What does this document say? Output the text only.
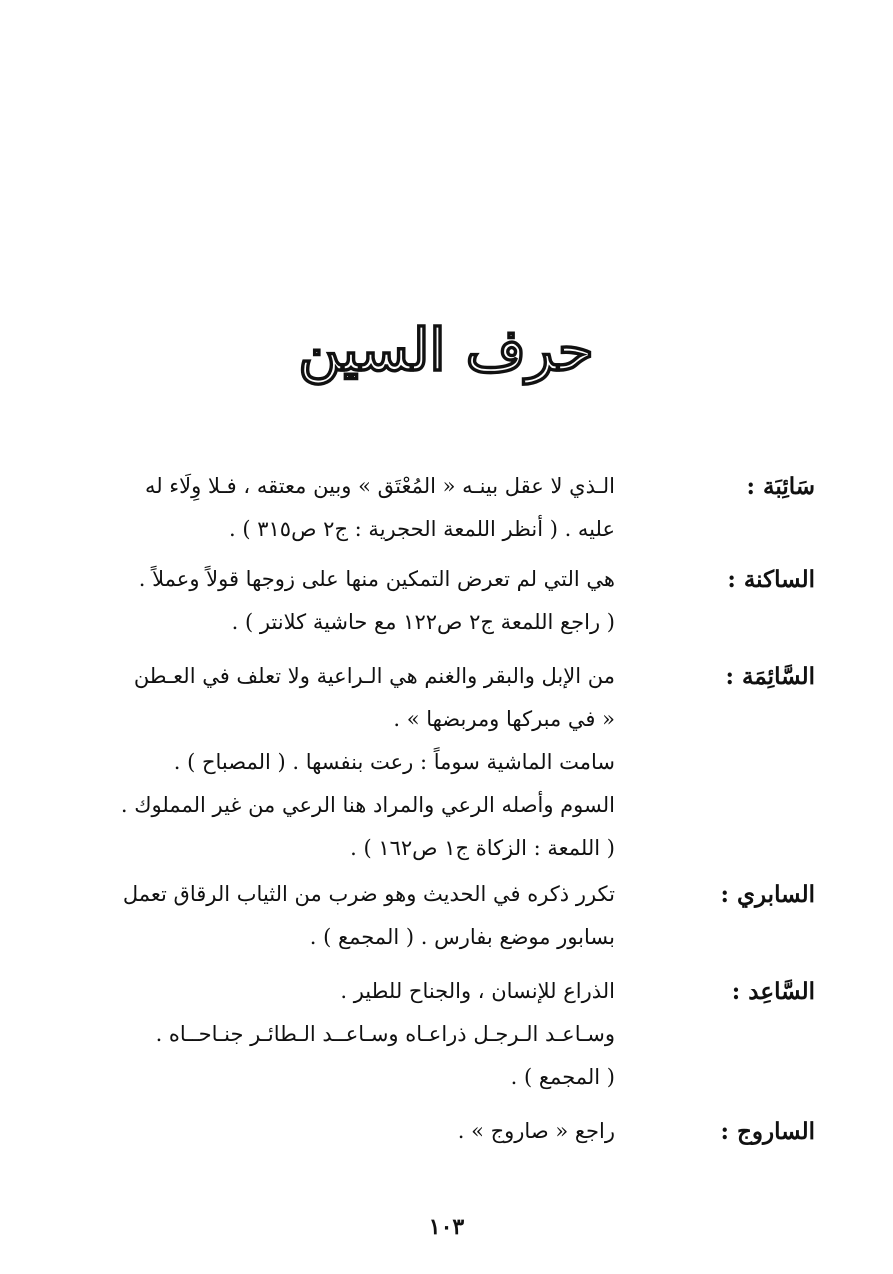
حرف السين
سَائِبَة :
الـذي لا عقل بينـه « المُعْتَق » وبين معتقه ، فـلا وِلَاء له
عليه . ( أنظر اللمعة الحجرية : ج٢ ص٣١٥ ) .
الساكنة :
هي التي لم تعرض التمكين منها على زوجها قولاً وعملاً .
( راجع اللمعة ج٢ ص١٢٢ مع حاشية كلانتر ) .
السَّائِمَة :
من الإبل والبقر والغنم هي الـراعية ولا تعلف في العـطن
« في مبركها ومربضها » .
سامت الماشية سوماً : رعت بنفسها . ( المصباح ) .
السوم وأصله الرعي والمراد هنا الرعي من غير المملوك .
( اللمعة : الزكاة ج١ ص١٦٢ ) .
السابري :
تكرر ذكره في الحديث وهو ضرب من الثياب الرقاق تعمل
بسابور موضع بفارس . ( المجمع ) .
السَّاعِد :
الذراع للإنسان ، والجناح للطير .
وسـاعـد الـرجـل ذراعـاه وسـاعــد الـطائـر جنـاحــاه .
( المجمع ) .
الساروج :
راجع « صاروج » .
١٠٣
